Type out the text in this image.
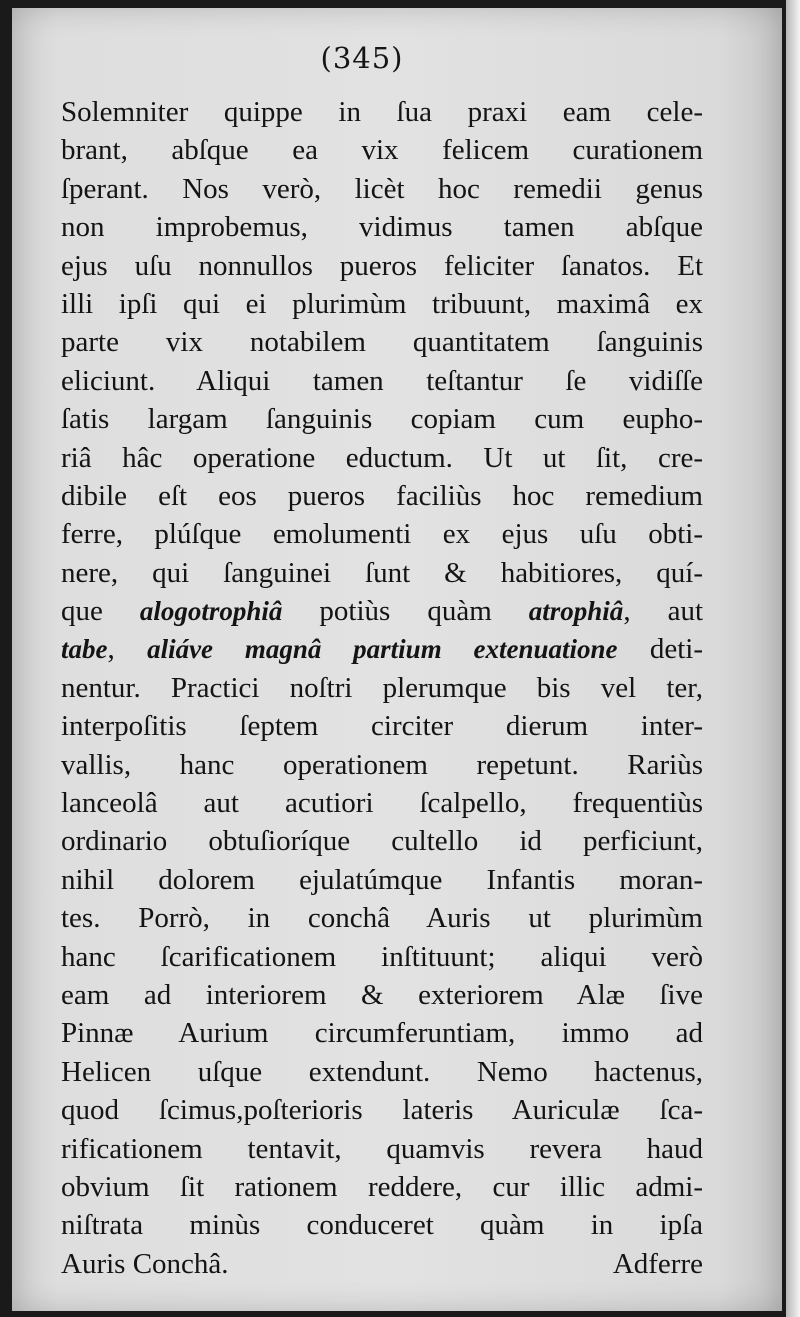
(345)
Solemniter quippe in ſua praxi eam cele-
brant, abſque ea vix felicem curationem
ſperant. Nos verò, licèt hoc remedii genus
non improbemus, vidimus tamen abſque
ejus uſu nonnullos pueros feliciter ſanatos. Et
illi ipſi qui ei plurimùm tribuunt, maximâ ex
parte vix notabilem quantitatem ſanguinis
eliciunt. Aliqui tamen teſtantur ſe vidiſſe
ſatis largam ſanguinis copiam cum eupho-
riâ hâc operatione eductum. Ut ut ſit, cre-
dibile eſt eos pueros faciliùs hoc remedium
ferre, plúſque emolumenti ex ejus uſu obti-
nere, qui ſanguinei ſunt & habitiores, quí-
que alogotrophiâ potiùs quàm atrophiâ, aut
tabe, aliáve magnâ partium extenuatione deti-
nentur. Practici noſtri plerumque bis vel ter,
interpoſitis ſeptem circiter dierum inter-
vallis, hanc operationem repetunt. Rariùs
lanceolâ aut acutiori ſcalpello, frequentiùs
ordinario obtuſioríque cultello id perficiunt,
nihil dolorem ejulatúmque Infantis moran-
tes. Porrò, in conchâ Auris ut plurimùm
hanc ſcarificationem inſtituunt; aliqui verò
eam ad interiorem & exteriorem Alæ ſive
Pinnæ Aurium circumferuntiam, immo ad
Helicen uſque extendunt. Nemo hactenus,
quod ſcimus,poſterioris lateris Auriculæ ſca-
rificationem tentavit, quamvis revera haud
obvium ſit rationem reddere, cur illic admi-
niſtrata minùs conduceret quàm in ipſa
Auris Conchâ.	Adferre
